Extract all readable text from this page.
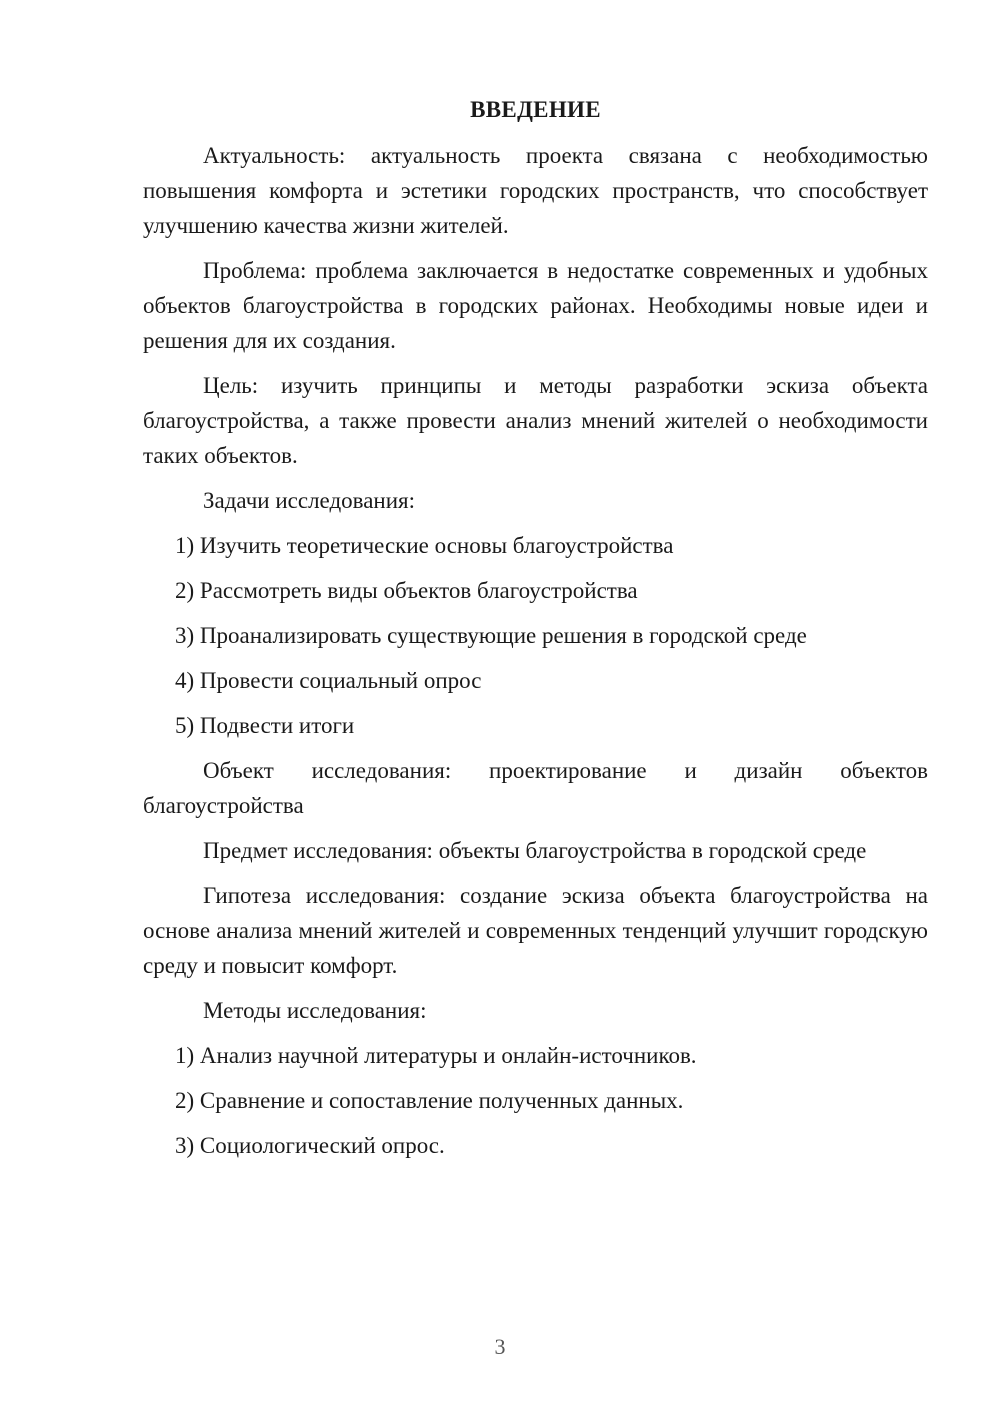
ВВЕДЕНИЕ

Актуальность: актуальность проекта связана с необходимостью повышения комфорта и эстетики городских пространств, что способствует улучшению качества жизни жителей.

Проблема: проблема заключается в недостатке современных и удобных объектов благоустройства в городских районах. Необходимы новые идеи и решения для их создания.

Цель: изучить принципы и методы разработки эскиза объекта благоустройства, а также провести анализ мнений жителей о необходимости таких объектов.

Задачи исследования:

1) Изучить теоретические основы благоустройства
2) Рассмотреть виды объектов благоустройства
3) Проанализировать существующие решения в городской среде
4) Провести социальный опрос
5) Подвести итоги

Объект исследования: проектирование и дизайн объектов благоустройства

Предмет исследования: объекты благоустройства в городской среде

Гипотеза исследования: создание эскиза объекта благоустройства на основе анализа мнений жителей и современных тенденций улучшит городскую среду и повысит комфорт.

Методы исследования:

1) Анализ научной литературы и онлайн-источников.
2) Сравнение и сопоставление полученных данных.
3) Социологический опрос.
3
